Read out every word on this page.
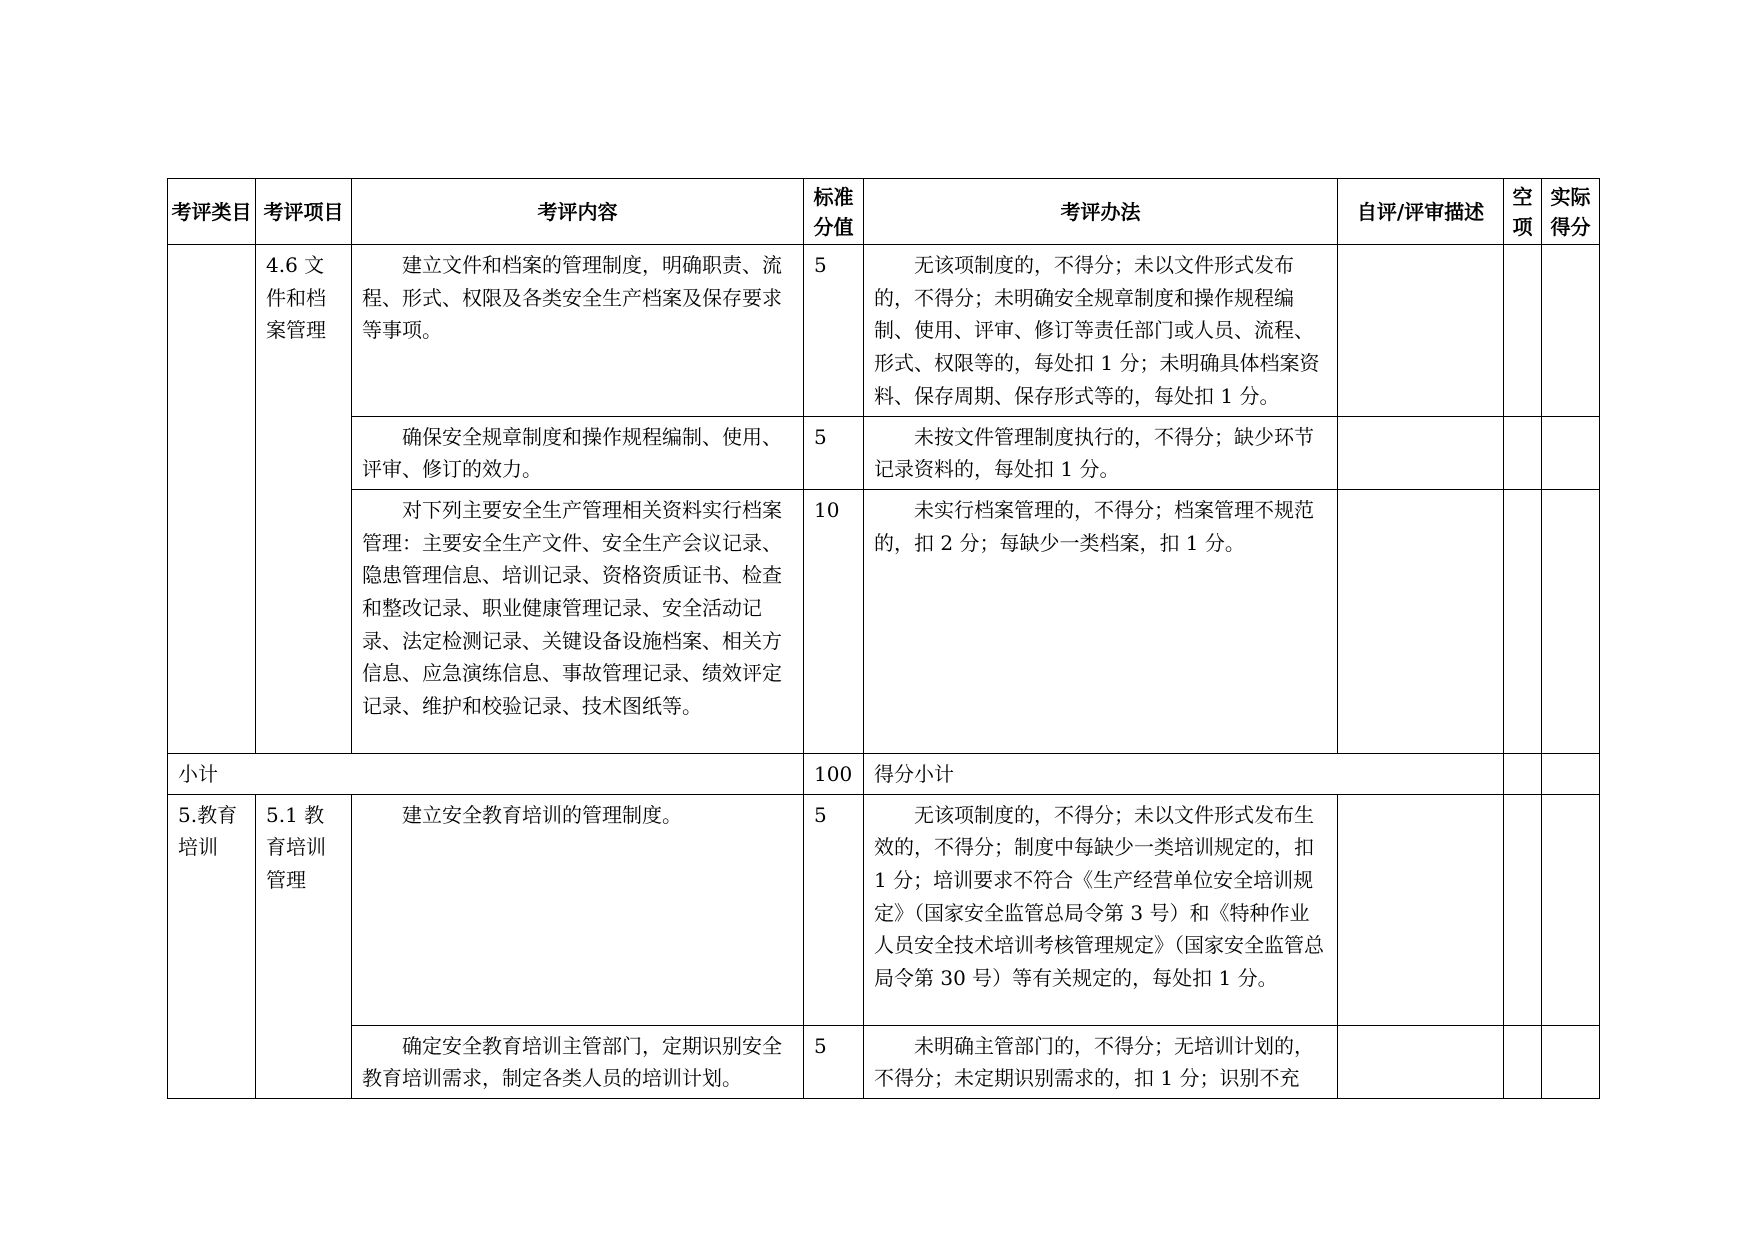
考评类目	考评项目	考评内容	标准分值	考评办法	自评/评审描述	空项	实际得分
	4.6 文件和档案管理	建立文件和档案的管理制度，明确职责、流程、形式、权限及各类安全生产档案及保存要求等事项。	5	无该项制度的，不得分；未以文件形式发布的，不得分；未明确安全规章制度和操作规程编制、使用、评审、修订等责任部门或人员、流程、形式、权限等的，每处扣 1 分；未明确具体档案资料、保存周期、保存形式等的，每处扣 1 分。			
		确保安全规章制度和操作规程编制、使用、评审、修订的效力。	5	未按文件管理制度执行的，不得分；缺少环节记录资料的，每处扣 1 分。			
		对下列主要安全生产管理相关资料实行档案管理：主要安全生产文件、安全生产会议记录、隐患管理信息、培训记录、资格资质证书、检查和整改记录、职业健康管理记录、安全活动记录、法定检测记录、关键设备设施档案、相关方信息、应急演练信息、事故管理记录、绩效评定记录、维护和校验记录、技术图纸等。	10	未实行档案管理的，不得分；档案管理不规范的，扣 2 分；每缺少一类档案，扣 1 分。			
小计			100	得分小计			
5.教育培训	5.1 教育培训管理	建立安全教育培训的管理制度。	5	无该项制度的，不得分；未以文件形式发布生效的，不得分；制度中每缺少一类培训规定的，扣 1 分；培训要求不符合《生产经营单位安全培训规定》（国家安全监管总局令第 3 号）和《特种作业人员安全技术培训考核管理规定》（国家安全监管总局令第 30 号）等有关规定的，每处扣 1 分。			
		确定安全教育培训主管部门，定期识别安全教育培训需求，制定各类人员的培训计划。	5	未明确主管部门的，不得分；无培训计划的，不得分；未定期识别需求的，扣 1 分；识别不充			
